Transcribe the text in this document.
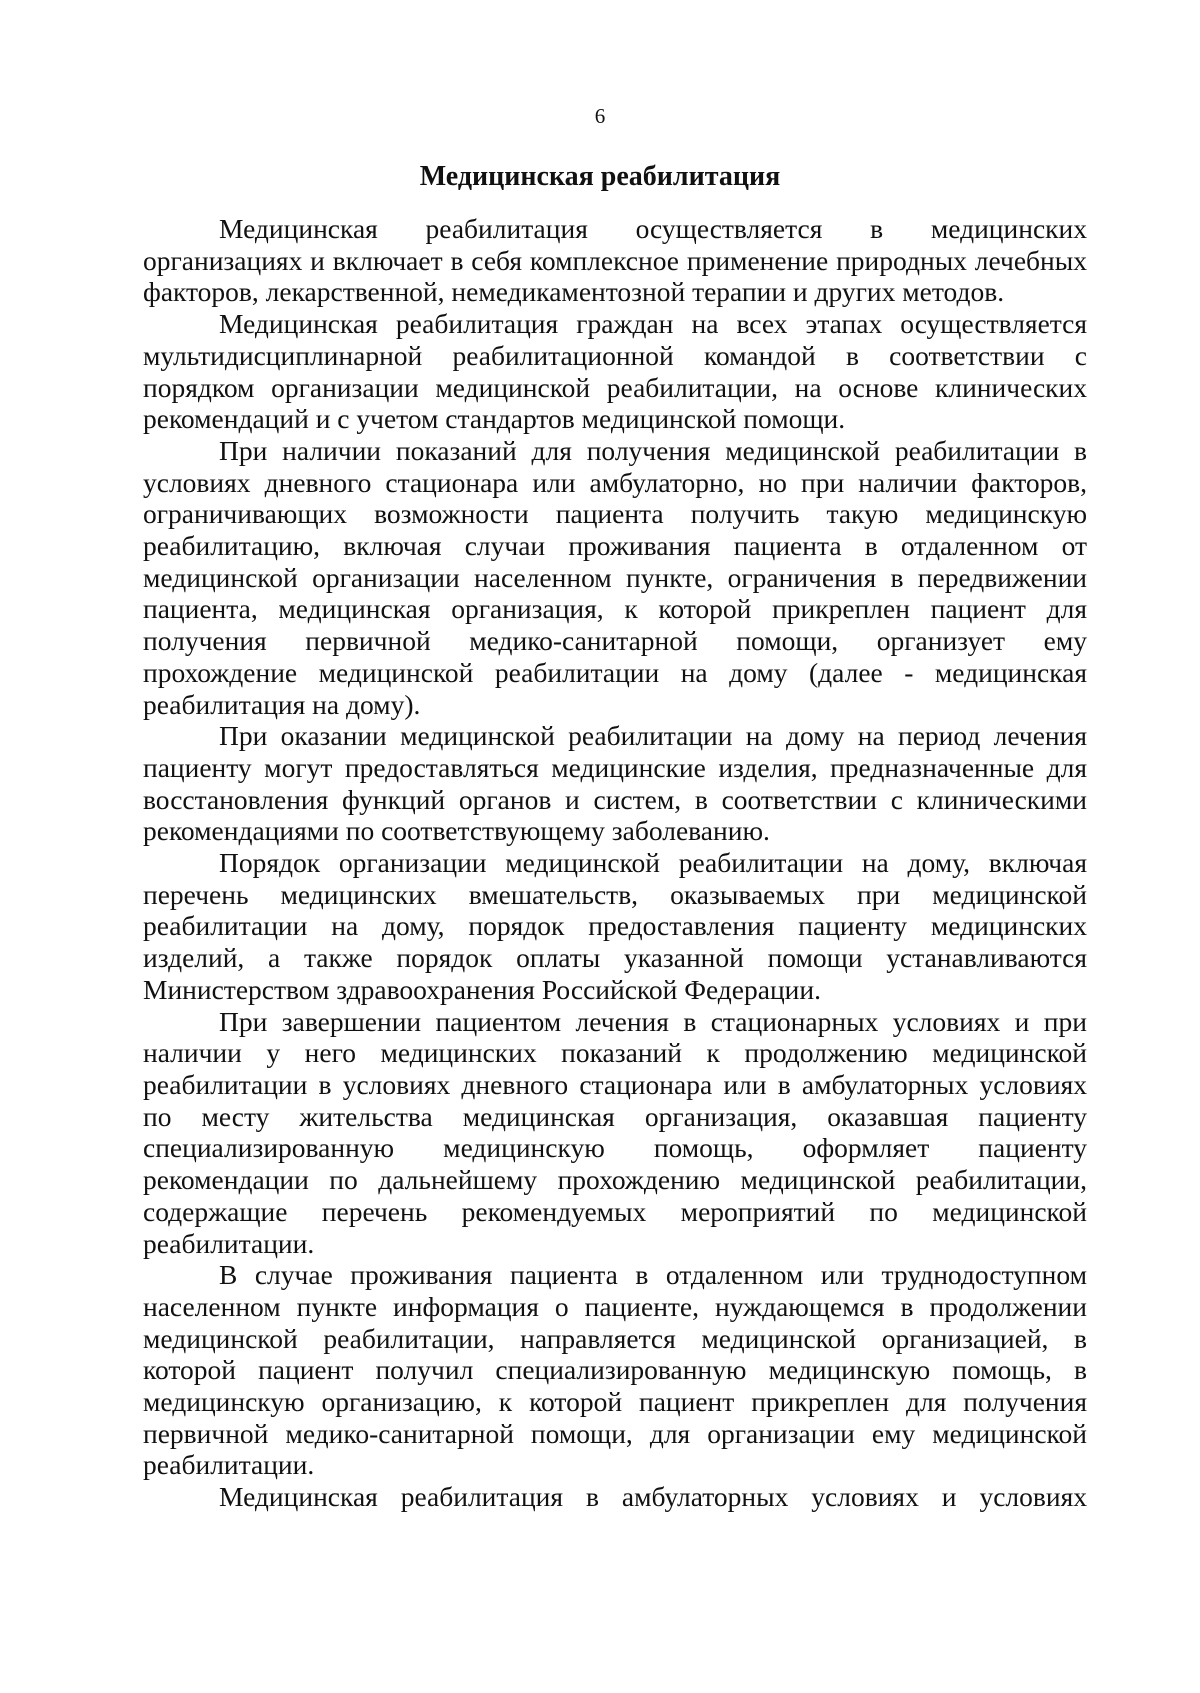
6
Медицинская реабилитация

Медицинская реабилитация осуществляется в медицинских организациях и включает в себя комплексное применение природных лечебных факторов, лекарственной, немедикаментозной терапии и других методов.

Медицинская реабилитация граждан на всех этапах осуществляется мультидисциплинарной реабилитационной командой в соответствии с порядком организации медицинской реабилитации, на основе клинических рекомендаций и с учетом стандартов медицинской помощи.

При наличии показаний для получения медицинской реабилитации в условиях дневного стационара или амбулаторно, но при наличии факторов, ограничивающих возможности пациента получить такую медицинскую реабилитацию, включая случаи проживания пациента в отдаленном от медицинской организации населенном пункте, ограничения в передвижении пациента, медицинская организация, к которой прикреплен пациент для получения первичной медико-санитарной помощи, организует ему прохождение медицинской реабилитации на дому (далее - медицинская реабилитация на дому).

При оказании медицинской реабилитации на дому на период лечения пациенту могут предоставляться медицинские изделия, предназначенные для восстановления функций органов и систем, в соответствии с клиническими рекомендациями по соответствующему заболеванию.

Порядок организации медицинской реабилитации на дому, включая перечень медицинских вмешательств, оказываемых при медицинской реабилитации на дому, порядок предоставления пациенту медицинских изделий, а также порядок оплаты указанной помощи устанавливаются Министерством здравоохранения Российской Федерации.

При завершении пациентом лечения в стационарных условиях и при наличии у него медицинских показаний к продолжению медицинской реабилитации в условиях дневного стационара или в амбулаторных условиях по месту жительства медицинская организация, оказавшая пациенту специализированную медицинскую помощь, оформляет пациенту рекомендации по дальнейшему прохождению медицинской реабилитации, содержащие перечень рекомендуемых мероприятий по медицинской реабилитации.

В случае проживания пациента в отдаленном или труднодоступном населенном пункте информация о пациенте, нуждающемся в продолжении медицинской реабилитации, направляется медицинской организацией, в которой пациент получил специализированную медицинскую помощь, в медицинскую организацию, к которой пациент прикреплен для получения первичной медико-санитарной помощи, для организации ему медицинской реабилитации.

Медицинская реабилитация в амбулаторных условиях и условиях
